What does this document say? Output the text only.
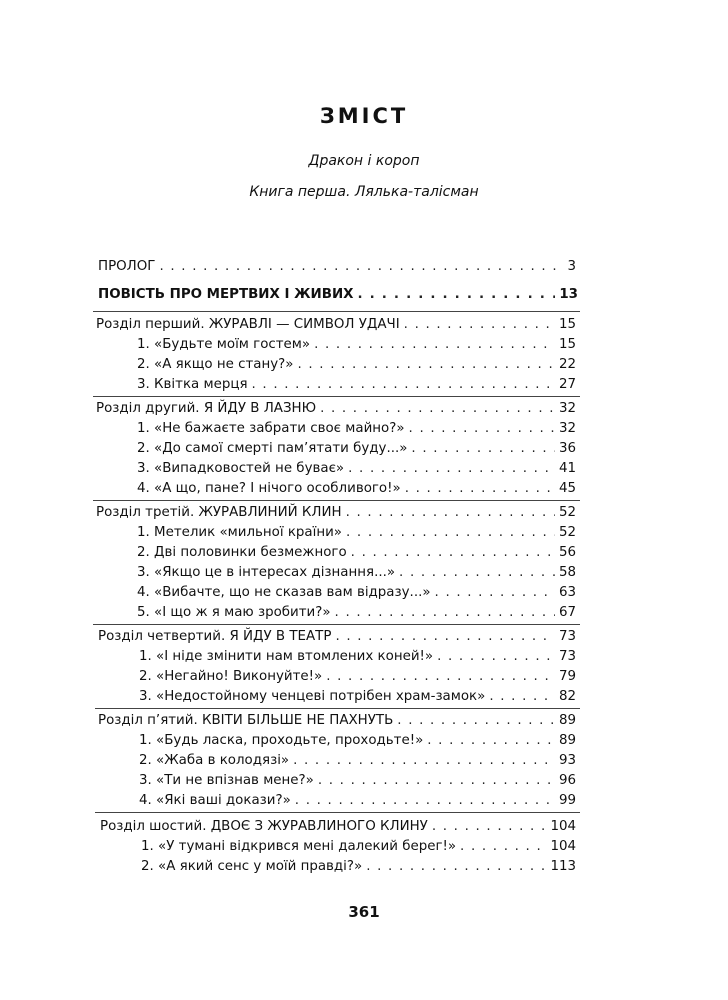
ЗМІСТ
Дракон і короп
Книга перша. Лялька-талісман
ПРОЛОГ . . .	3
ПОВІСТЬ ПРО МЕРТВИХ І ЖИВИХ . . .	13
Розділ перший. ЖУРАВЛІ — СИМВОЛ УДАЧІ . . .	15
1. «Будьте моїм гостем» . . .	15
2. «А якщо не стану?» . . .	22
3. Квітка мерця . . .	27
Розділ другий. Я ЙДУ В ЛАЗНЮ . . .	32
1. «Не бажаєте забрати своє майно?» . . .	32
2. «До самої смерті пам’ятати буду...» . . .	36
3. «Випадковостей не буває» . . .	41
4. «А що, пане? І нічого особливого!» . . .	45
Розділ третій. ЖУРАВЛИНИЙ КЛИН . . .	52
1. Метелик «мильної країни» . . .	52
2. Дві половинки безмежного . . .	56
3. «Якщо це в інтересах дізнання...» . . .	58
4. «Вибачте, що не сказав вам відразу...» . . .	63
5. «І що ж я маю зробити?» . . .	67
Розділ четвертий. Я ЙДУ В ТЕАТР . . .	73
1. «І ніде змінити нам втомлених коней!» . . .	73
2. «Негайно! Виконуйте!» . . .	79
3. «Недостойному ченцеві потрібен храм-замок» . . .	82
Розділ п’ятий. КВІТИ БІЛЬШЕ НЕ ПАХНУТЬ . . .	89
1. «Будь ласка, проходьте, проходьте!» . . .	89
2. «Жаба в колодязі» . . .	93
3. «Ти не впізнав мене?» . . .	96
4. «Які ваші докази?» . . .	99
Розділ шостий. ДВОЄ З ЖУРАВЛИНОГО КЛИНУ . . .	104
1. «У тумані відкрився мені далекий берег!» . . .	104
2. «А який сенс у моїй правді?» . . .	113
361
